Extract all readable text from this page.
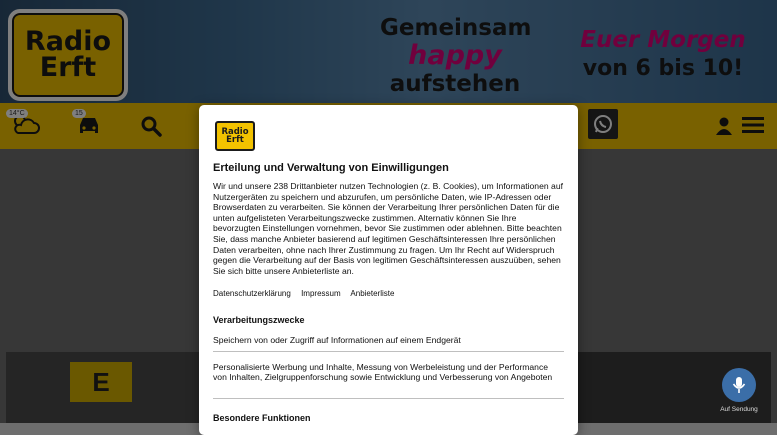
Auf Sendung
Radio
Erft
Erteilung und Verwaltung von Einwilligungen
Wir und unsere 238 Drittanbieter nutzen Technologien (z. B. Cookies), um Informationen auf Nutzergeräten zu speichern und abzurufen, um persönliche Daten, wie IP-Adressen oder Browserdaten zu verarbeiten. Sie können der Verarbeitung Ihrer persönlichen Daten für die unten aufgelisteten Verarbeitungszwecke zustimmen. Alternativ können Sie Ihre bevorzugten Einstellungen vornehmen, bevor Sie zustimmen oder ablehnen. Bitte beachten Sie, dass manche Anbieter basierend auf legitimen Geschäftsinteressen Ihre persönlichen Daten verarbeiten, ohne nach Ihrer Zustimmung zu fragen. Um Ihr Recht auf Widerspruch gegen die Verarbeitung auf der Basis von legitimen Geschäftsinteressen auszuüben, sehen Sie sich bitte unsere Anbieterliste an.
Datenschutzerklärung Impressum Anbieterliste
Verarbeitungszwecke
Speichern von oder Zugriff auf Informationen auf einem Endgerät
Personalisierte Werbung und Inhalte, Messung von Werbeleistung und der Performance von Inhalten, Zielgruppenforschung sowie Entwicklung und Verbesserung von Angeboten
Besondere Funktionen
